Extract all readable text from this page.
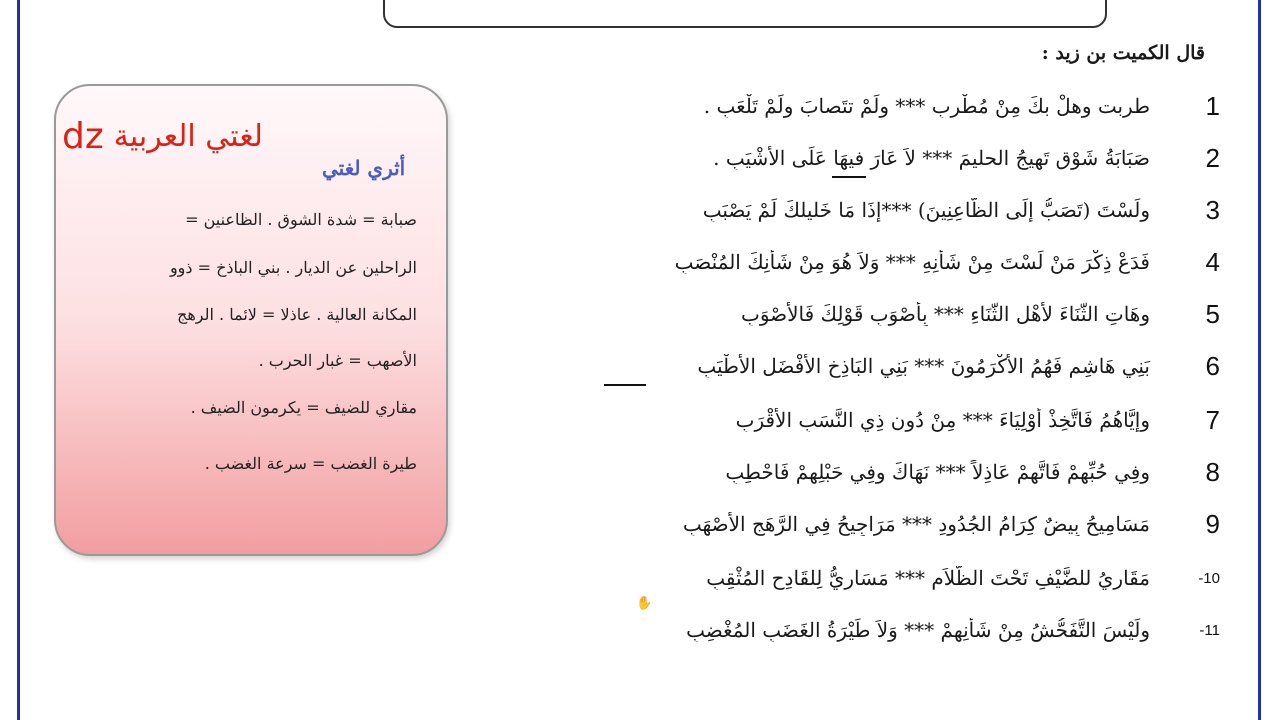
قال الكميت بن زيد :
1
طربت وهلْ بكَ مِنْ مُطْرِبِ *** ولَمْ تتَصابَ ولَمْ تَلْعَبِ .
2
صَبَابَةُ شَوْقٍ تَهِيجُ الحليمَ *** لاَ عَارَ فيهَا عَلَى الأشْيَبِ .
3
ولَسْتَ (تَصَبُّ إلَى الظَّاعِنِينَ) ***إذَا مَا خَليلكَ لَمْ يَصْبَبِ
4
فَدَعْ ذِكْرَ مَنْ لَسْتَ مِنْ شَأْنِهِ *** وَلاَ هُوَ مِنْ شَأْنِكَ المُنْصَبِ
5
وهَاتِ الثَّنَاءَ لأَهْلِ الثَّنَاءِ *** بِأَصْوَبِ قَوْلِكَ فَالأَصْوَبِ
6
بَنِي هَاشِمٍ فَهُمُ الأَكْرَمُونَ *** بَنِي البَاذِخِ الأَفْضَلِ الأَطْيَبِ
7
وإيَّاهُمُ فَاتَّخِذْ أوْلِيَاءَ *** مِنْ دُونِ ذِي النَّسَبِ الأَقْرَبِ
8
وفِي حُبِّهِمْ فَاتَّهِمْ عَاذِلاً *** نَهَاكَ وفِي حَبْلِهِمْ فَاحْطِبِ
9
مَسَامِيحُ بِيضٌ كِرَامُ الجُدُودِ *** مَرَاجِيحُ فِي الرَّهَجِ الأَصْهَبِ
-10
مَقَارِيُ للضَّيْفِ تَحْتَ الظَّلاَمِ *** مَسَارِيُّ لِلقَادِحِ المُثْقِبِ
-11
ولَيْسَ التَّفَحُّشُ مِنْ شَأْنِهِمْ *** وَلاَ طَيْرَةُ الغَضَبِ المُغْضِبِ
dz لغتي العربية
أثري لغتي
صبابة = شدة الشوق . الظاعنين =
الراحلين عن الديار . بني الباذخ = ذوو
المكانة العالية . عاذلا = لائما . الرهج
الأصهب = غبار الحرب .
مقاري للضيف = يكرمون الضيف .
طيرة الغضب = سرعة الغضب .
✋
